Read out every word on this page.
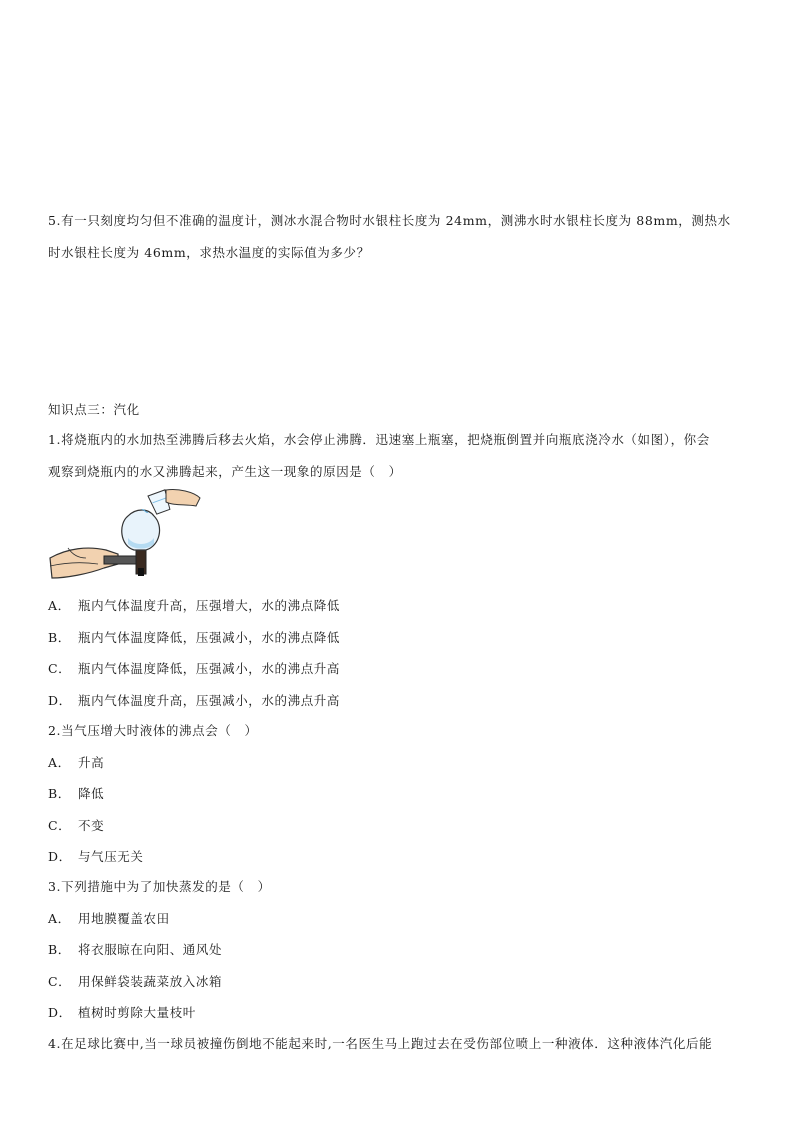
5.有一只刻度均匀但不准确的温度计，测冰水混合物时水银柱长度为 24mm，测沸水时水银柱长度为 88mm，测热水
时水银柱长度为 46mm，求热水温度的实际值为多少？
知识点三：汽化
1.将烧瓶内的水加热至沸腾后移去火焰，水会停止沸腾．迅速塞上瓶塞，把烧瓶倒置并向瓶底浇冷水（如图），你会
观察到烧瓶内的水又沸腾起来，产生这一现象的原因是（　）
A． 瓶内气体温度升高，压强增大，水的沸点降低
B． 瓶内气体温度降低，压强减小，水的沸点降低
C． 瓶内气体温度降低，压强减小，水的沸点升高
D． 瓶内气体温度升高，压强减小，水的沸点升高
2.当气压增大时液体的沸点会（　）
A． 升高
B． 降低
C． 不变
D． 与气压无关
3.下列措施中为了加快蒸发的是（　）
A． 用地膜覆盖农田
B． 将衣服晾在向阳、通风处
C． 用保鲜袋装蔬菜放入冰箱
D． 植树时剪除大量枝叶
4.在足球比赛中,当一球员被撞伤倒地不能起来时,一名医生马上跑过去在受伤部位喷上一种液体．这种液体汽化后能
